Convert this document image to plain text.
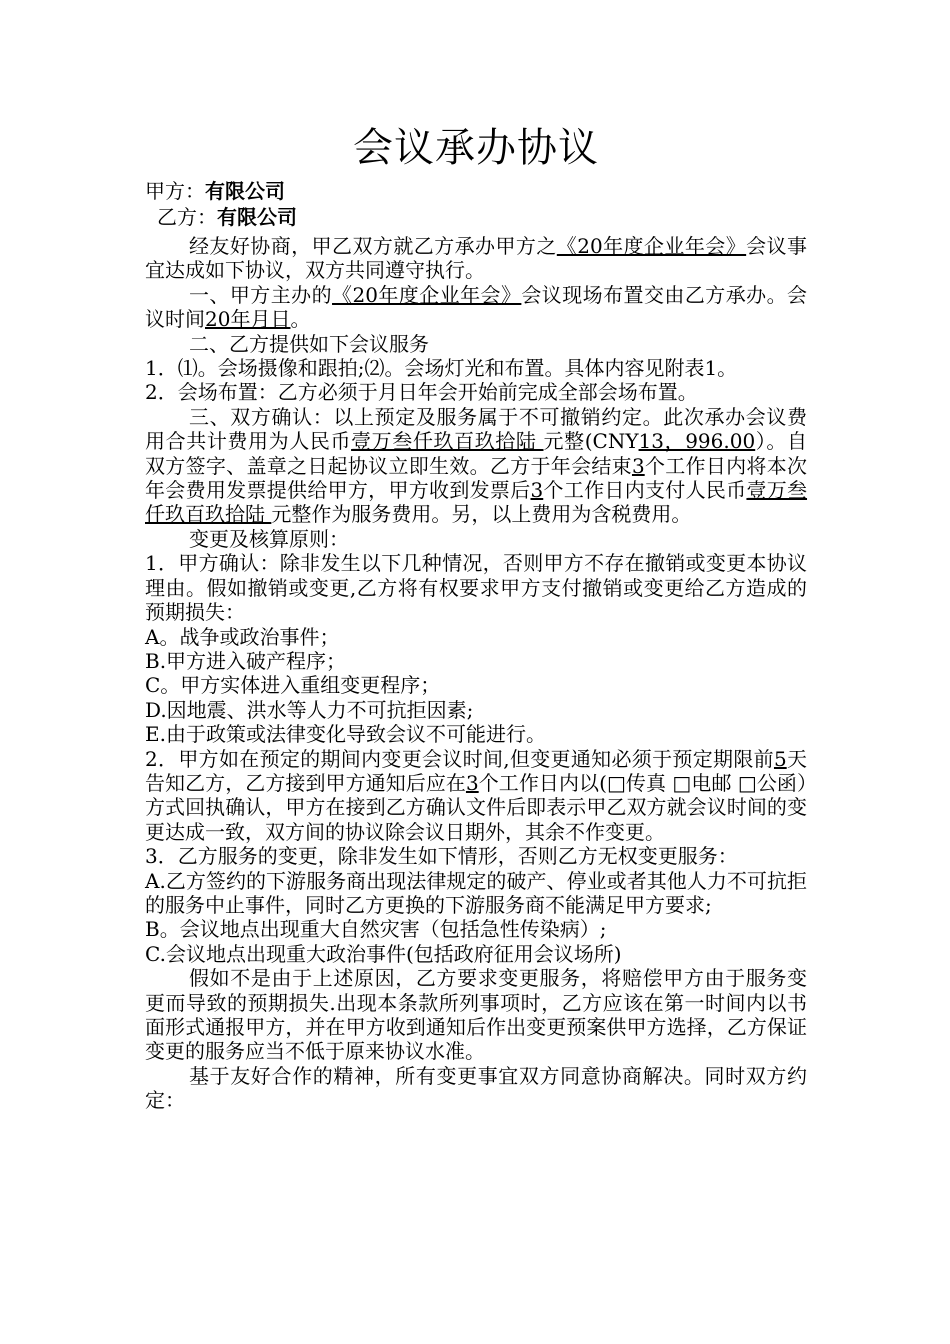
会议承办协议
甲方：有限公司
乙方：有限公司

经友好协商，甲乙双方就乙方承办甲方之《20年度企业年会》会议事宜达成如下协议，双方共同遵守执行。

一、甲方主办的《20年度企业年会》会议现场布置交由乙方承办。会议时间20年月日。

二、乙方提供如下会议服务

1．⑴。会场摄像和跟拍;⑵。会场灯光和布置。具体内容见附表1。

2．会场布置：乙方必须于月日年会开始前完成全部会场布置。

三、双方确认：以上预定及服务属于不可撤销约定。此次承办会议费用合共计费用为人民币壹万叁仟玖百玖拾陆 元整(CNY13，996.00）。自双方签字、盖章之日起协议立即生效。乙方于年会结束3个工作日内将本次年会费用发票提供给甲方，甲方收到发票后3个工作日内支付人民币壹万叁仟玖百玖拾陆 元整作为服务费用。另，以上费用为含税费用。

变更及核算原则：

1．甲方确认：除非发生以下几种情况，否则甲方不存在撤销或变更本协议理由。假如撤销或变更,乙方将有权要求甲方支付撤销或变更给乙方造成的预期损失：

A。战争或政治事件；

B.甲方进入破产程序；

C。甲方实体进入重组变更程序；

D.因地震、洪水等人力不可抗拒因素;

E.由于政策或法律变化导致会议不可能进行。

2．甲方如在预定的期间内变更会议时间,但变更通知必须于预定期限前5天告知乙方，乙方接到甲方通知后应在3个工作日内以(□传真 □电邮 □公函）方式回执确认，甲方在接到乙方确认文件后即表示甲乙双方就会议时间的变更达成一致，双方间的协议除会议日期外，其余不作变更。

3．乙方服务的变更，除非发生如下情形，否则乙方无权变更服务：

A.乙方签约的下游服务商出现法律规定的破产、停业或者其他人力不可抗拒的服务中止事件，同时乙方更换的下游服务商不能满足甲方要求;

B。会议地点出现重大自然灾害（包括急性传染病）;

C.会议地点出现重大政治事件(包括政府征用会议场所)

假如不是由于上述原因，乙方要求变更服务，将赔偿甲方由于服务变更而导致的预期损失.出现本条款所列事项时，乙方应该在第一时间内以书面形式通报甲方，并在甲方收到通知后作出变更预案供甲方选择，乙方保证变更的服务应当不低于原来协议水准。

基于友好合作的精神，所有变更事宜双方同意协商解决。同时双方约定：
